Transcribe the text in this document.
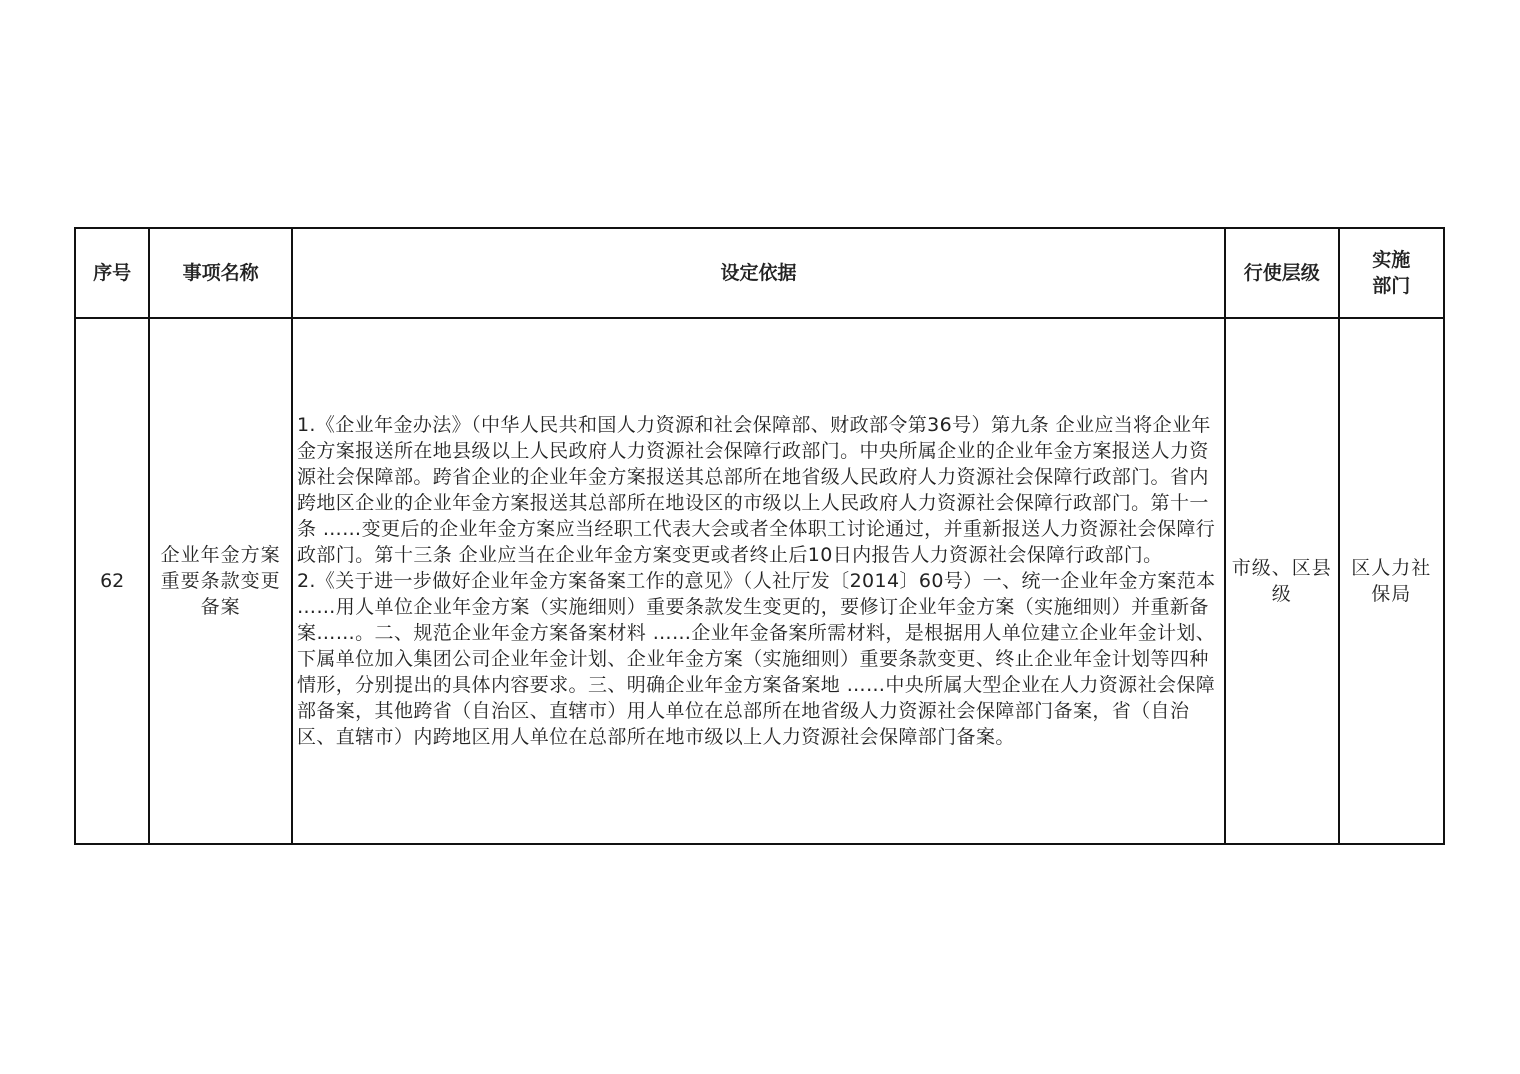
序号	事项名称	设定依据	行使层级	实施
部门

62	企业年金方案重要条款变更备案	1.《企业年金办法》（中华人民共和国人力资源和社会保障部、财政部令第36号）第九条 企业应当将企业年金方案报送所在地县级以上人民政府人力资源社会保障行政部门。中央所属企业的企业年金方案报送人力资源社会保障部。跨省企业的企业年金方案报送其总部所在地省级人民政府人力资源社会保障行政部门。省内跨地区企业的企业年金方案报送其总部所在地设区的市级以上人民政府人力资源社会保障行政部门。第十一条 ……变更后的企业年金方案应当经职工代表大会或者全体职工讨论通过，并重新报送人力资源社会保障行政部门。第十三条 企业应当在企业年金方案变更或者终止后10日内报告人力资源社会保障行政部门。

2.《关于进一步做好企业年金方案备案工作的意见》（人社厅发〔2014〕60号）一、统一企业年金方案范本 ……用人单位企业年金方案（实施细则）重要条款发生变更的，要修订企业年金方案（实施细则）并重新备案……。二、规范企业年金方案备案材料 ……企业年金备案所需材料，是根据用人单位建立企业年金计划、下属单位加入集团公司企业年金计划、企业年金方案（实施细则）重要条款变更、终止企业年金计划等四种情形，分别提出的具体内容要求。三、明确企业年金方案备案地 ……中央所属大型企业在人力资源社会保障部备案，其他跨省（自治区、直辖市）用人单位在总部所在地省级人力资源社会保障部门备案，省（自治区、直辖市）内跨地区用人单位在总部所在地市级以上人力资源社会保障部门备案。	市级、区县级	区人力社保局
